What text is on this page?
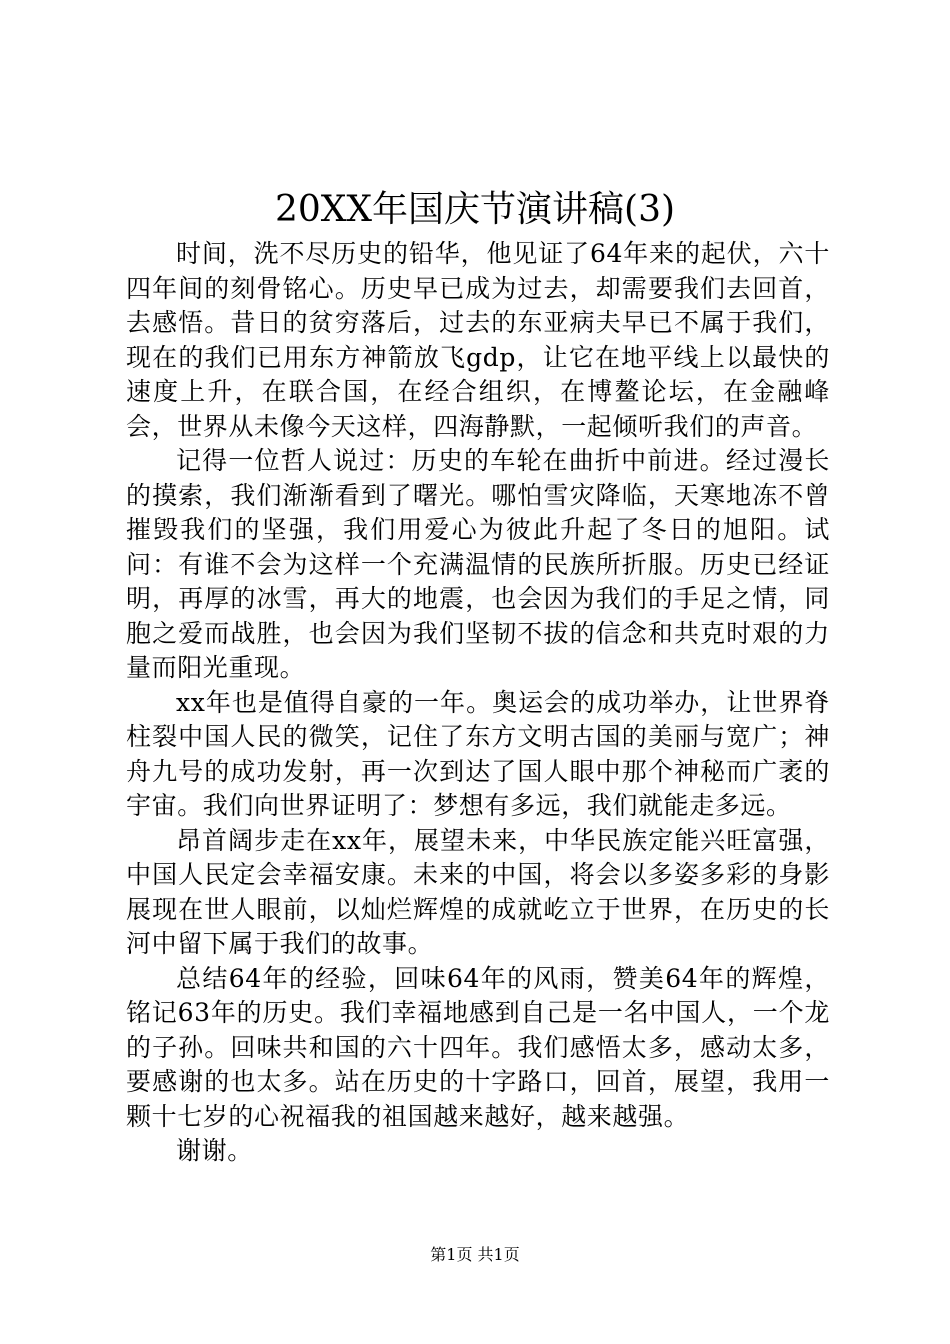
20XX年国庆节演讲稿(3)

时间，洗不尽历史的铅华，他见证了64年来的起伏，六十四年间的刻骨铭心。历史早已成为过去，却需要我们去回首，去感悟。昔日的贫穷落后，过去的东亚病夫早已不属于我们，现在的我们已用东方神箭放飞gdp，让它在地平线上以最快的速度上升，在联合国，在经合组织，在博鳌论坛，在金融峰会，世界从未像今天这样，四海静默，一起倾听我们的声音。

记得一位哲人说过：历史的车轮在曲折中前进。经过漫长的摸索，我们渐渐看到了曙光。哪怕雪灾降临，天寒地冻不曾摧毁我们的坚强，我们用爱心为彼此升起了冬日的旭阳。试问：有谁不会为这样一个充满温情的民族所折服。历史已经证明，再厚的冰雪，再大的地震，也会因为我们的手足之情，同胞之爱而战胜，也会因为我们坚韧不拔的信念和共克时艰的力量而阳光重现。

xx年也是值得自豪的一年。奥运会的成功举办，让世界脊柱裂中国人民的微笑，记住了东方文明古国的美丽与宽广；神舟九号的成功发射，再一次到达了国人眼中那个神秘而广袤的宇宙。我们向世界证明了：梦想有多远，我们就能走多远。

昂首阔步走在xx年，展望未来，中华民族定能兴旺富强，中国人民定会幸福安康。未来的中国，将会以多姿多彩的身影展现在世人眼前，以灿烂辉煌的成就屹立于世界，在历史的长河中留下属于我们的故事。

总结64年的经验，回味64年的风雨，赞美64年的辉煌，铭记63年的历史。我们幸福地感到自己是一名中国人，一个龙的子孙。回味共和国的六十四年。我们感悟太多，感动太多，要感谢的也太多。站在历史的十字路口，回首，展望，我用一颗十七岁的心祝福我的祖国越来越好，越来越强。

谢谢。

第1页 共1页
